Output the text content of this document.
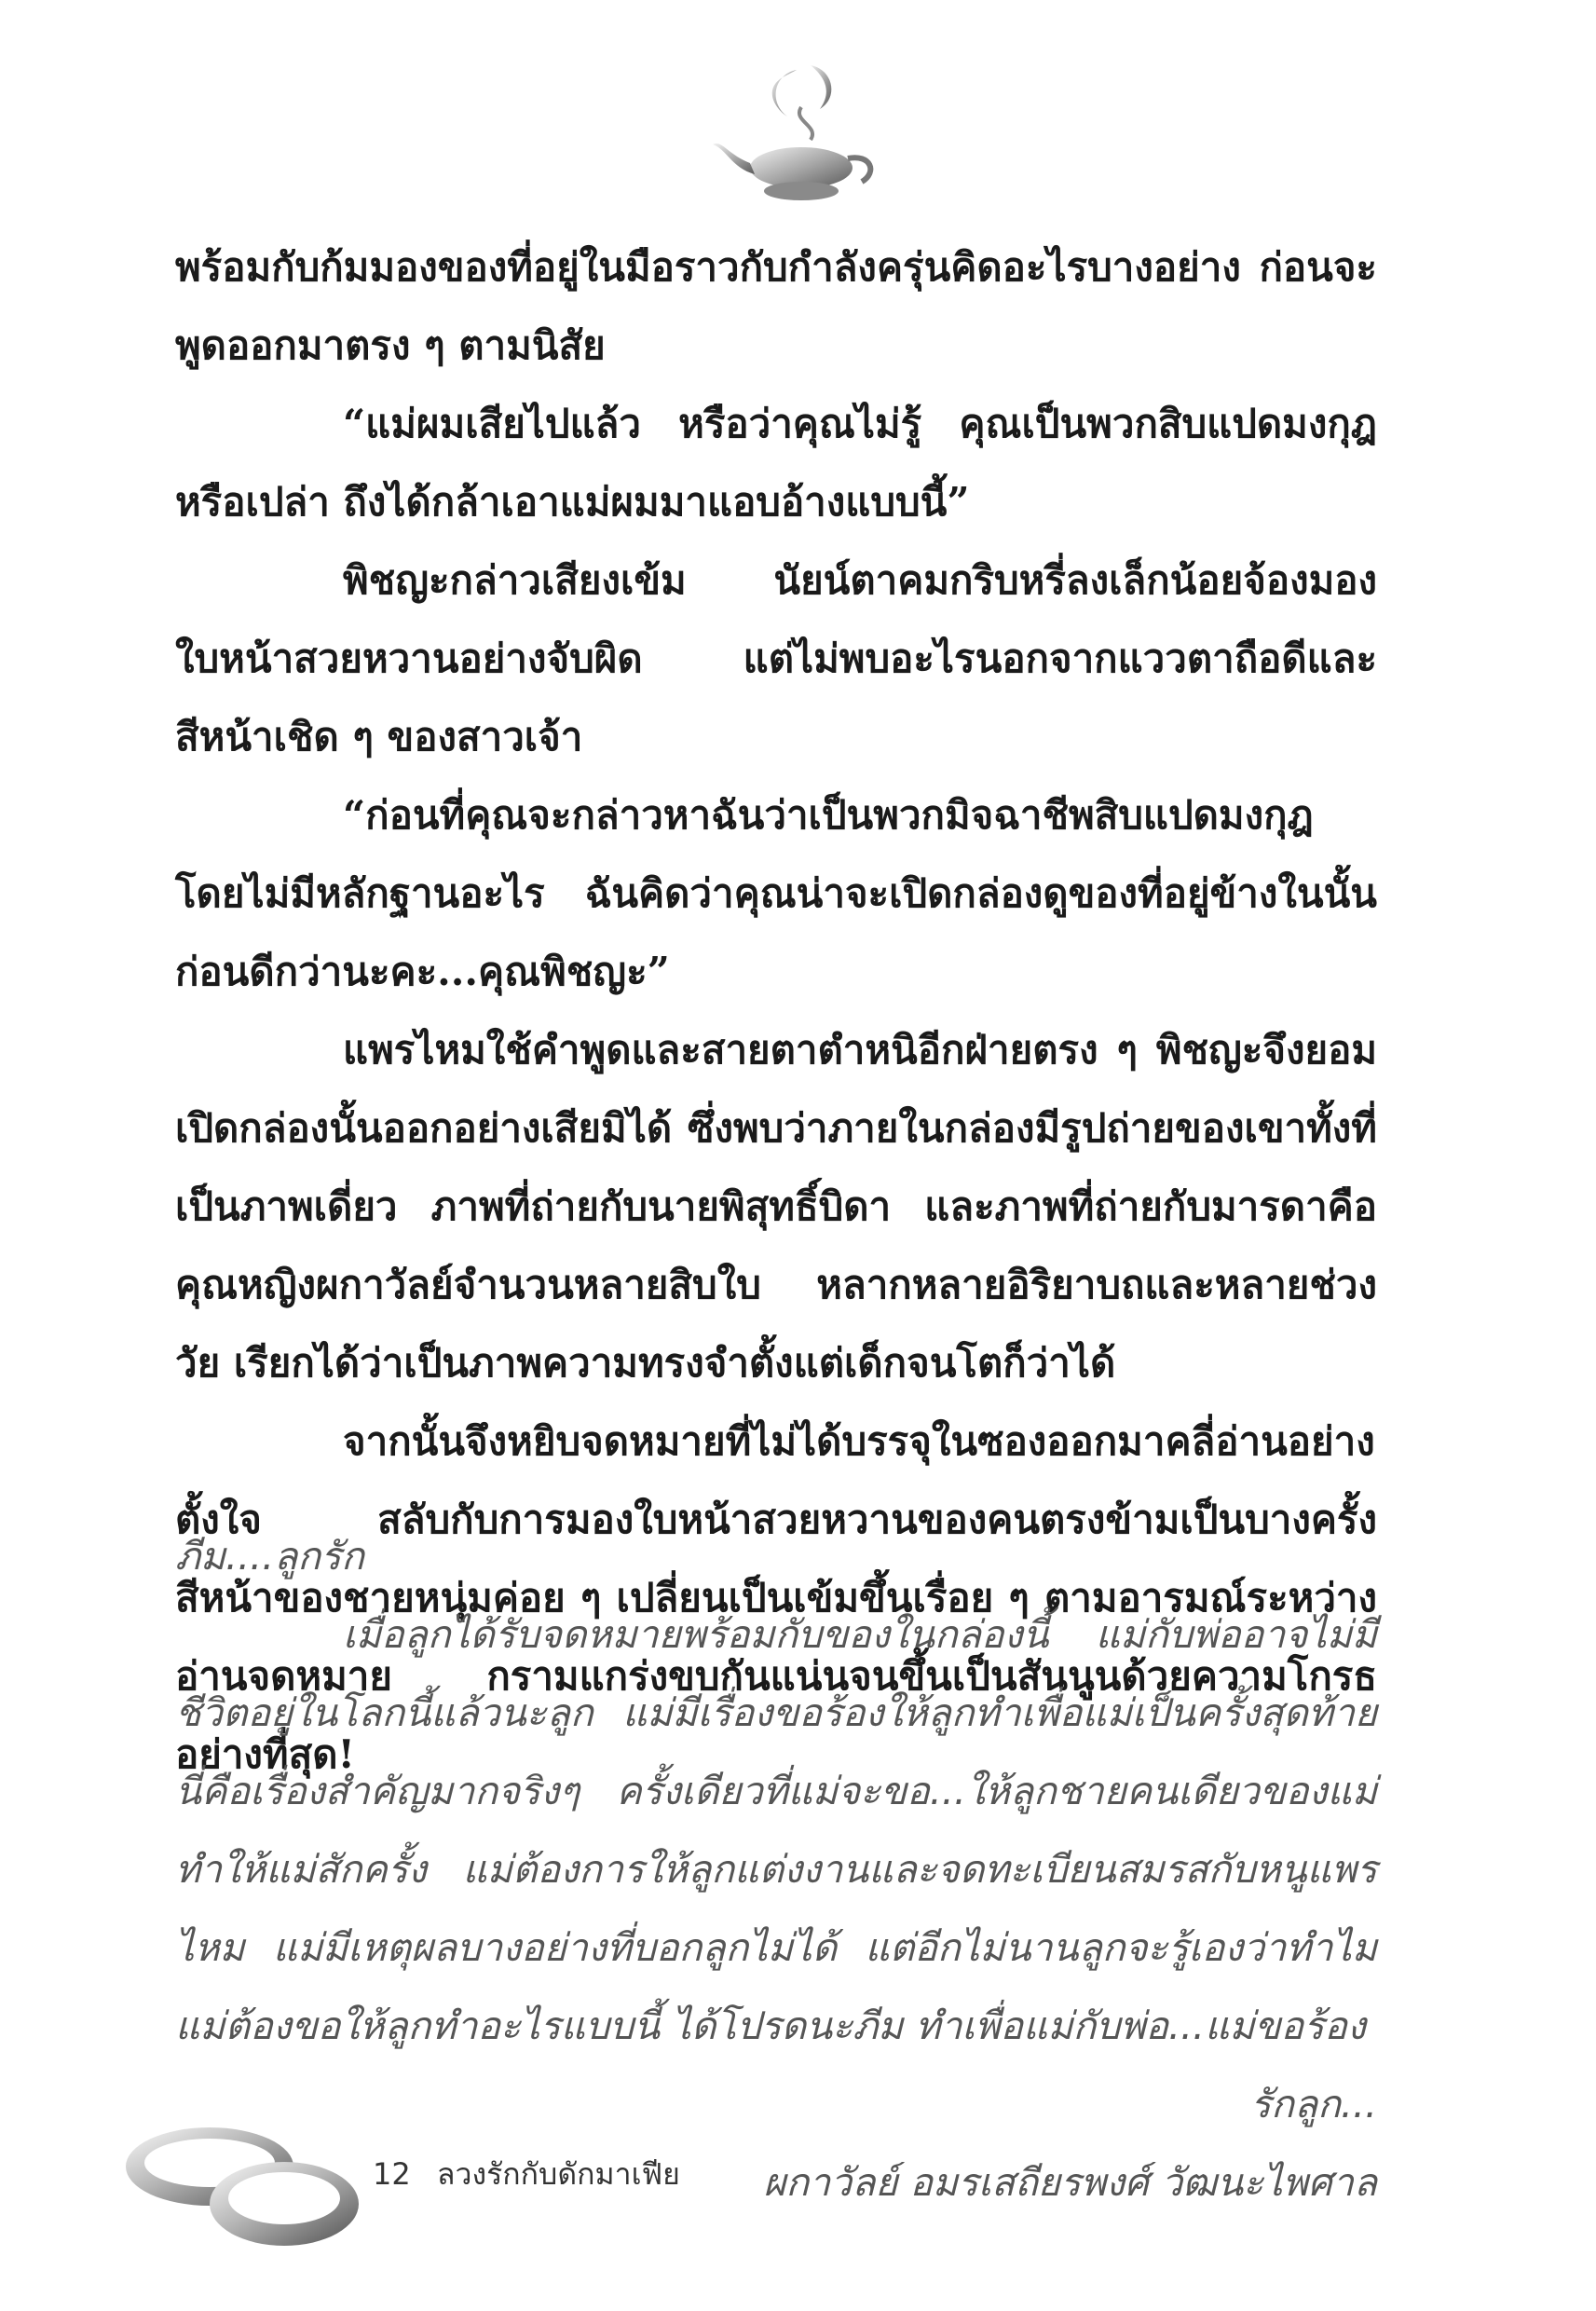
พร้อมกับก้มมองของที่อยู่ในมือราวกับกำลังครุ่นคิดอะไรบางอย่าง ก่อนจะพูดออกมาตรง ๆ ตามนิสัย

“แม่ผมเสียไปแล้ว หรือว่าคุณไม่รู้ คุณเป็นพวกสิบแปดมงกุฎหรือเปล่า ถึงได้กล้าเอาแม่ผมมาแอบอ้างแบบนี้”

พิชญะกล่าวเสียงเข้ม นัยน์ตาคมกริบหรี่ลงเล็กน้อยจ้องมองใบหน้าสวยหวานอย่างจับผิด แต่ไม่พบอะไรนอกจากแววตาถือดีและสีหน้าเชิด ๆ ของสาวเจ้า

“ก่อนที่คุณจะกล่าวหาฉันว่าเป็นพวกมิจฉาชีพสิบแปดมงกุฎโดยไม่มีหลักฐานอะไร ฉันคิดว่าคุณน่าจะเปิดกล่องดูของที่อยู่ข้างในนั้นก่อนดีกว่านะคะ...คุณพิชญะ”

แพรไหมใช้คำพูดและสายตาตำหนิอีกฝ่ายตรง ๆ พิชญะจึงยอมเปิดกล่องนั้นออกอย่างเสียมิได้ ซึ่งพบว่าภายในกล่องมีรูปถ่ายของเขาทั้งที่เป็นภาพเดี่ยว ภาพที่ถ่ายกับนายพิสุทธิ์บิดา และภาพที่ถ่ายกับมารดาคือคุณหญิงผกาวัลย์จำนวนหลายสิบใบ หลากหลายอิริยาบถและหลายช่วงวัย เรียกได้ว่าเป็นภาพความทรงจำตั้งแต่เด็กจนโตก็ว่าได้

จากนั้นจึงหยิบจดหมายที่ไม่ได้บรรจุในซองออกมาคลี่อ่านอย่างตั้งใจ สลับกับการมองใบหน้าสวยหวานของคนตรงข้ามเป็นบางครั้ง สีหน้าของชายหนุ่มค่อย ๆ เปลี่ยนเป็นเข้มขึ้นเรื่อย ๆ ตามอารมณ์ระหว่างอ่านจดหมาย กรามแกร่งขบกันแน่นจนขึ้นเป็นสันนูนด้วยความโกรธอย่างที่สุด!

ภีม....ลูกรัก

เมื่อลูกได้รับจดหมายพร้อมกับของในกล่องนี้ แม่กับพ่ออาจไม่มีชีวิตอยู่ในโลกนี้แล้วนะลูก แม่มีเรื่องขอร้องให้ลูกทำเพื่อแม่เป็นครั้งสุดท้ายนี่คือเรื่องสำคัญมากจริงๆ ครั้งเดียวที่แม่จะขอ...ให้ลูกชายคนเดียวของแม่ทำให้แม่สักครั้ง แม่ต้องการให้ลูกแต่งงานและจดทะเบียนสมรสกับหนูแพรไหม แม่มีเหตุผลบางอย่างที่บอกลูกไม่ได้ แต่อีกไม่นานลูกจะรู้เองว่าทำไมแม่ต้องขอให้ลูกทำอะไรแบบนี้ ได้โปรดนะภีม ทำเพื่อแม่กับพ่อ...แม่ขอร้อง

รักลูก...

ผกาวัลย์ อมรเสถียรพงศ์ วัฒนะไพศาล

12 ลวงรักกับดักมาเฟีย
